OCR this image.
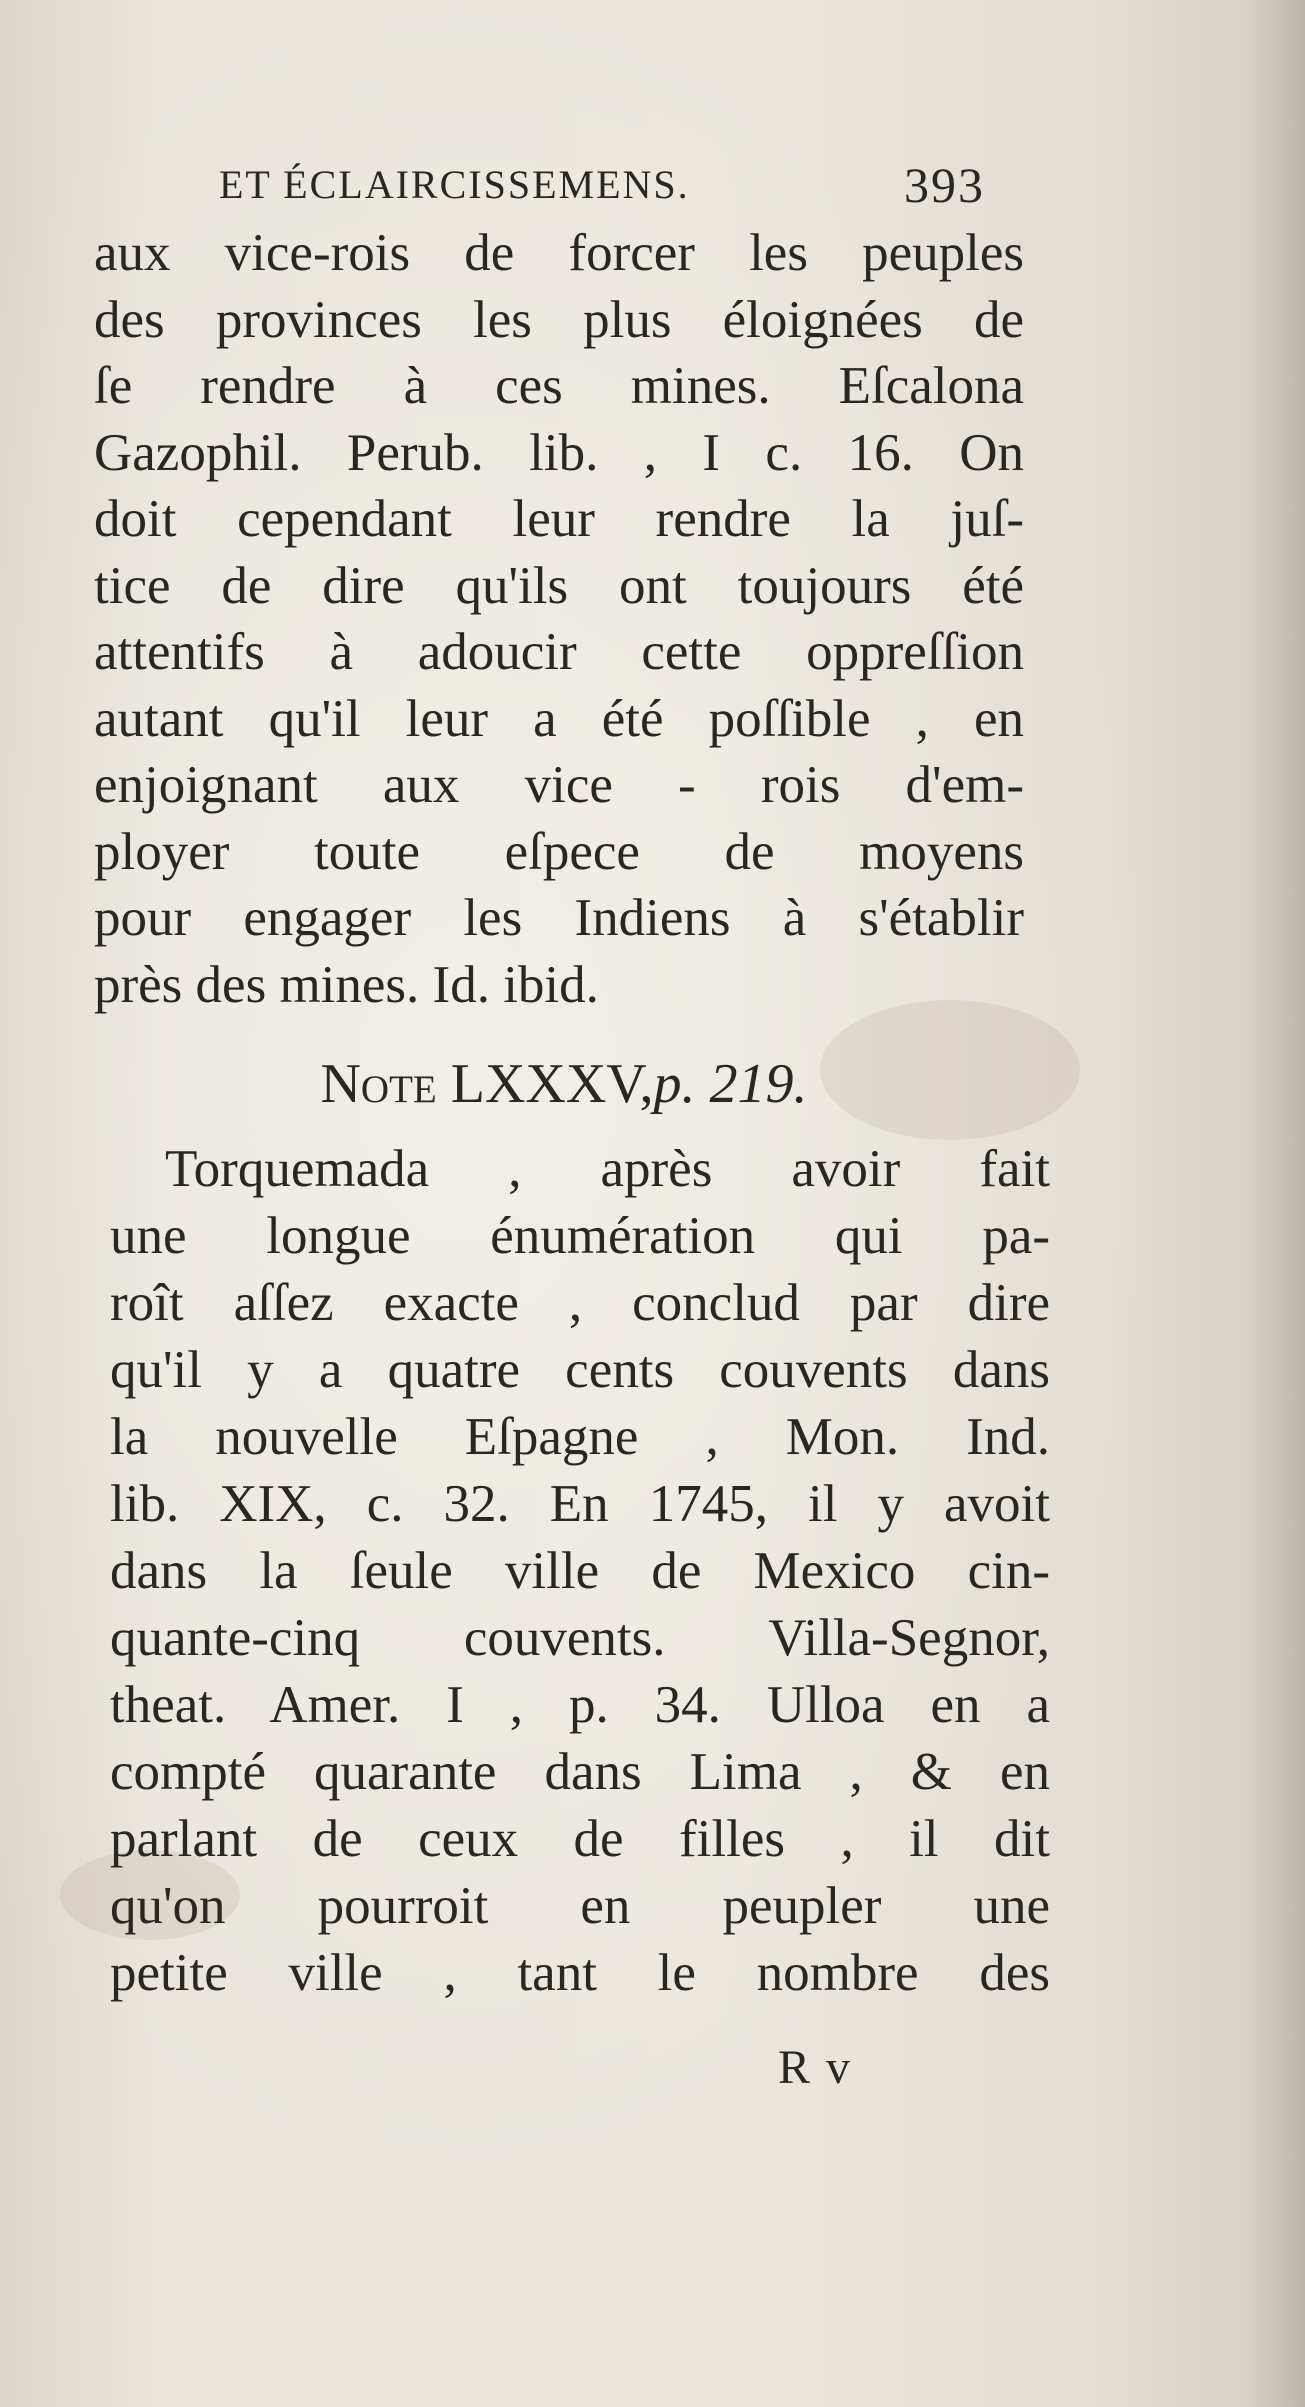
ET ÉCLAIRCISSEMENS.	393
aux vice-rois de forcer les peuples
des provinces les plus éloignées de
ſe rendre à ces mines. Eſcalona
Gazophil. Perub. lib. , I c. 16. On
doit cependant leur rendre la juſ-
tice de dire qu'ils ont toujours été
attentifs à adoucir cette oppreſſion
autant qu'il leur a été poſſible , en
enjoignant aux vice - rois d'em-
ployer toute eſpece de moyens
pour engager les Indiens à s'établir
près des mines. Id. ibid.
Note LXXXV,p. 219.
Torquemada , après avoir fait
une longue énumération qui pa-
roît aſſez exacte , conclud par dire
qu'il y a quatre cents couvents dans
la nouvelle Eſpagne , Mon. Ind.
lib. XIX, c. 32. En 1745, il y avoit
dans la ſeule ville de Mexico cin-
quante-cinq couvents. Villa-Segnor,
theat. Amer. I , p. 34. Ulloa en a
compté quarante dans Lima , & en
parlant de ceux de filles , il dit
qu'on pourroit en peupler une
petite ville , tant le nombre des
R v
